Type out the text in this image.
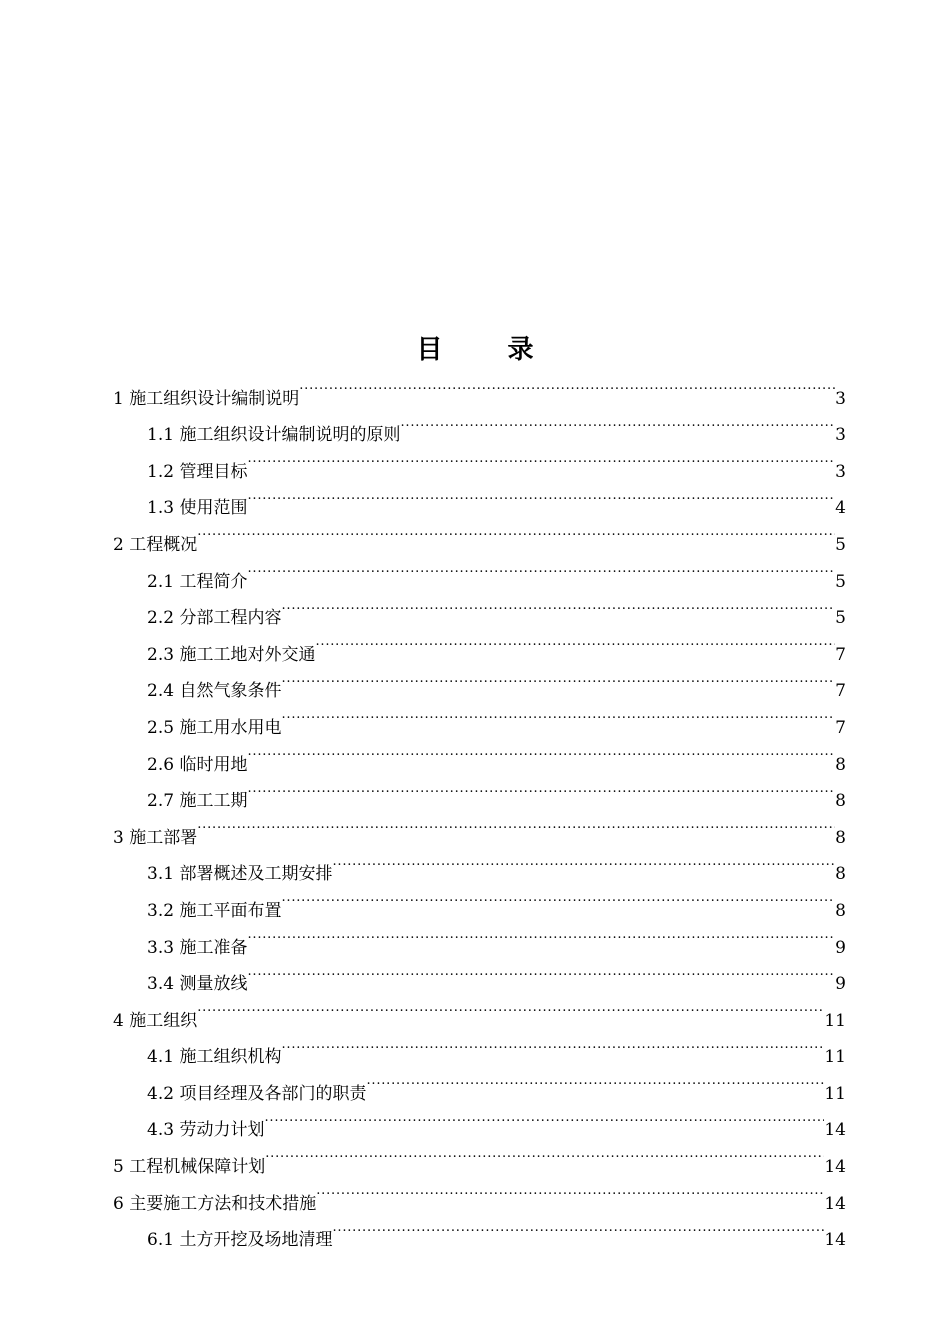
目 录
1 施工组织设计编制说明 .....	3
1.1 施工组织设计编制说明的原则 .....	3
1.2 管理目标 .....	3
1.3 使用范围 .....	4
2 工程概况 .....	5
2.1 工程简介 .....	5
2.2 分部工程内容 .....	5
2.3 施工工地对外交通 .....	7
2.4 自然气象条件 .....	7
2.5 施工用水用电 .....	7
2.6 临时用地 .....	8
2.7 施工工期 .....	8
3 施工部署 .....	8
3.1 部署概述及工期安排 .....	8
3.2 施工平面布置 .....	8
3.3 施工准备 .....	9
3.4 测量放线 .....	9
4 施工组织 .....	11
4.1 施工组织机构 .....	11
4.2 项目经理及各部门的职责 .....	11
4.3 劳动力计划 .....	14
5 工程机械保障计划 .....	14
6 主要施工方法和技术措施 .....	14
6.1 土方开挖及场地清理 .....	14
